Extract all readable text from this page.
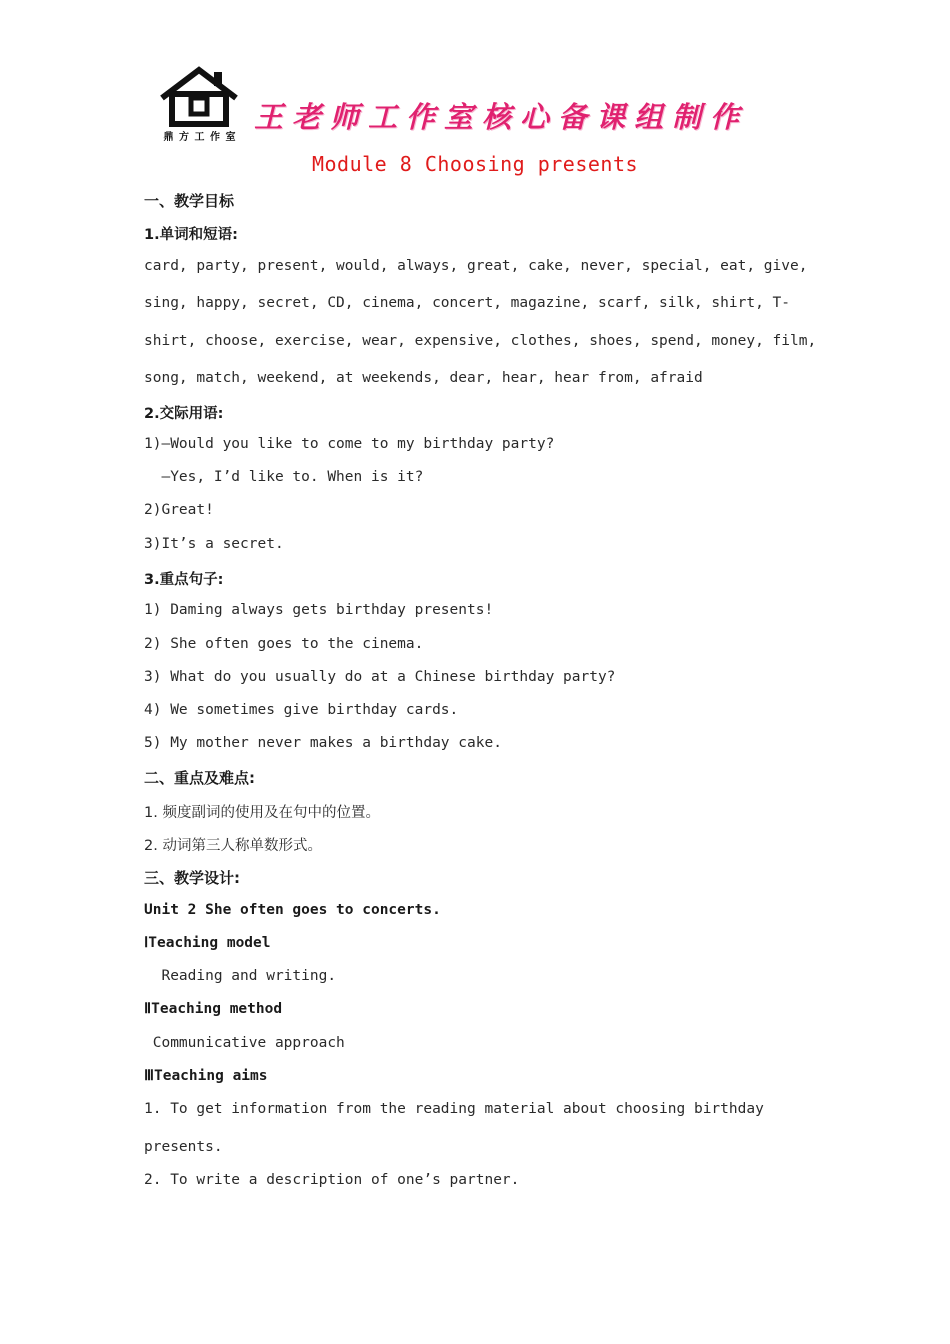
鼎 方 工 作 室
王老师工作室核心备课组制作
Module 8 Choosing presents
一、教学目标
1.单词和短语:
card, party, present, would, always, great, cake, never, special, eat, give,
sing, happy, secret, CD, cinema, concert, magazine, scarf, silk, shirt, T-
shirt, choose, exercise, wear, expensive, clothes, shoes, spend, money, film,
song, match, weekend, at weekends, dear, hear, hear from, afraid
2.交际用语:
1)—Would you like to come to my birthday party?
—Yes, I’d like to. When is it?
2)Great!
3)It’s a secret.
3.重点句子:
1) Daming always gets birthday presents!
2) She often goes to the cinema.
3) What do you usually do at a Chinese birthday party?
4) We sometimes give birthday cards.
5) My mother never makes a birthday cake.
二、重点及难点:
1. 频度副词的使用及在句中的位置。
2. 动词第三人称单数形式。
三、教学设计:
Unit 2 She often goes to concerts.
ⅠTeaching model
Reading and writing.
ⅡTeaching method
Communicative approach
ⅢTeaching aims
1. To get information from the reading material about choosing birthday
presents.
2. To write a description of one’s partner.
